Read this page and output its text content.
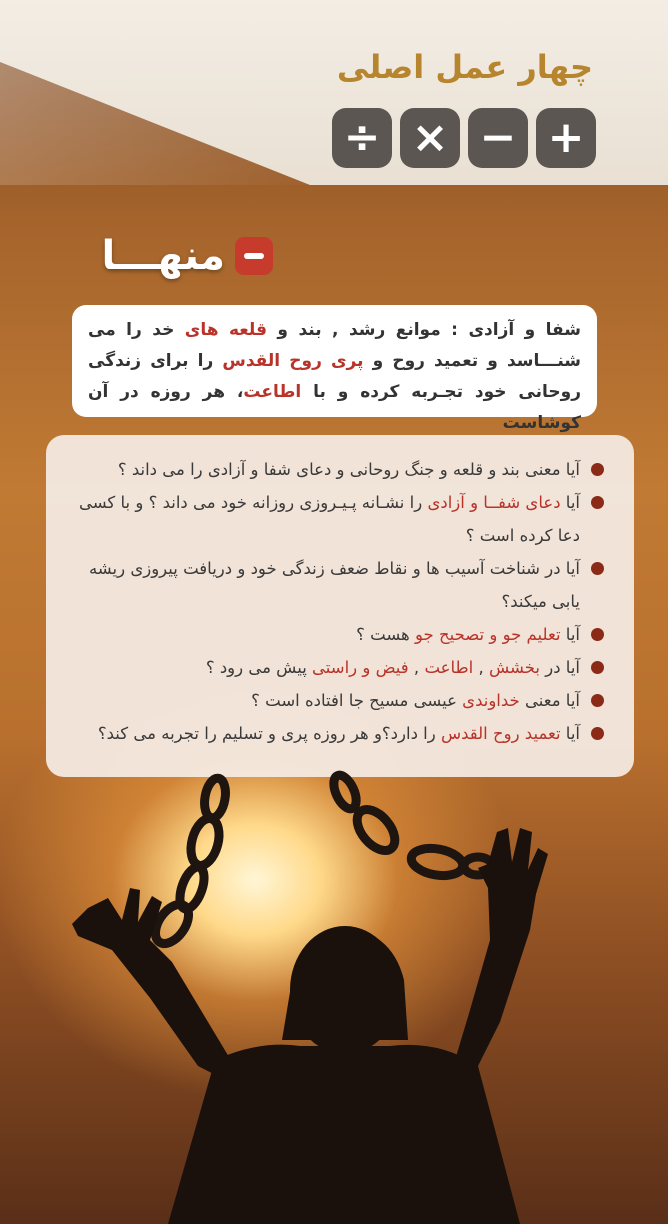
چهار عمل اصلی
÷ × − +
منهـــا
شفا و آزادی : موانع رشد , بند و قلعه های خد را می شنـــاسد و تعمید روح و پری روح القدس را برای زندگی روحانی خود تجـربه کرده و با اطاعت، هر روزه در آن کوشاست
آیا معنی بند و قلعه و جنگ روحانی و دعای شفا و آزادی را می داند ؟
آیا دعای شفــا و آزادی را نشـانه پـیـروزی روزانه خود می داند ؟ و با کسی دعا کرده است ؟
آیا در شناخت آسیب ها و نقاط ضعف زندگی خود و دریافت پیروزی ریشه یابی میکند؟
آیا تعلیم جو و تصحیح جو هست ؟
آیا در بخشش , اطاعت , فیض و راستی پیش می رود ؟
آیا معنی خداوندی عیسی مسیح جا افتاده است ؟
آیا تعمید روح القدس را دارد؟و هر روزه پری و تسلیم را تجربه می کند؟
